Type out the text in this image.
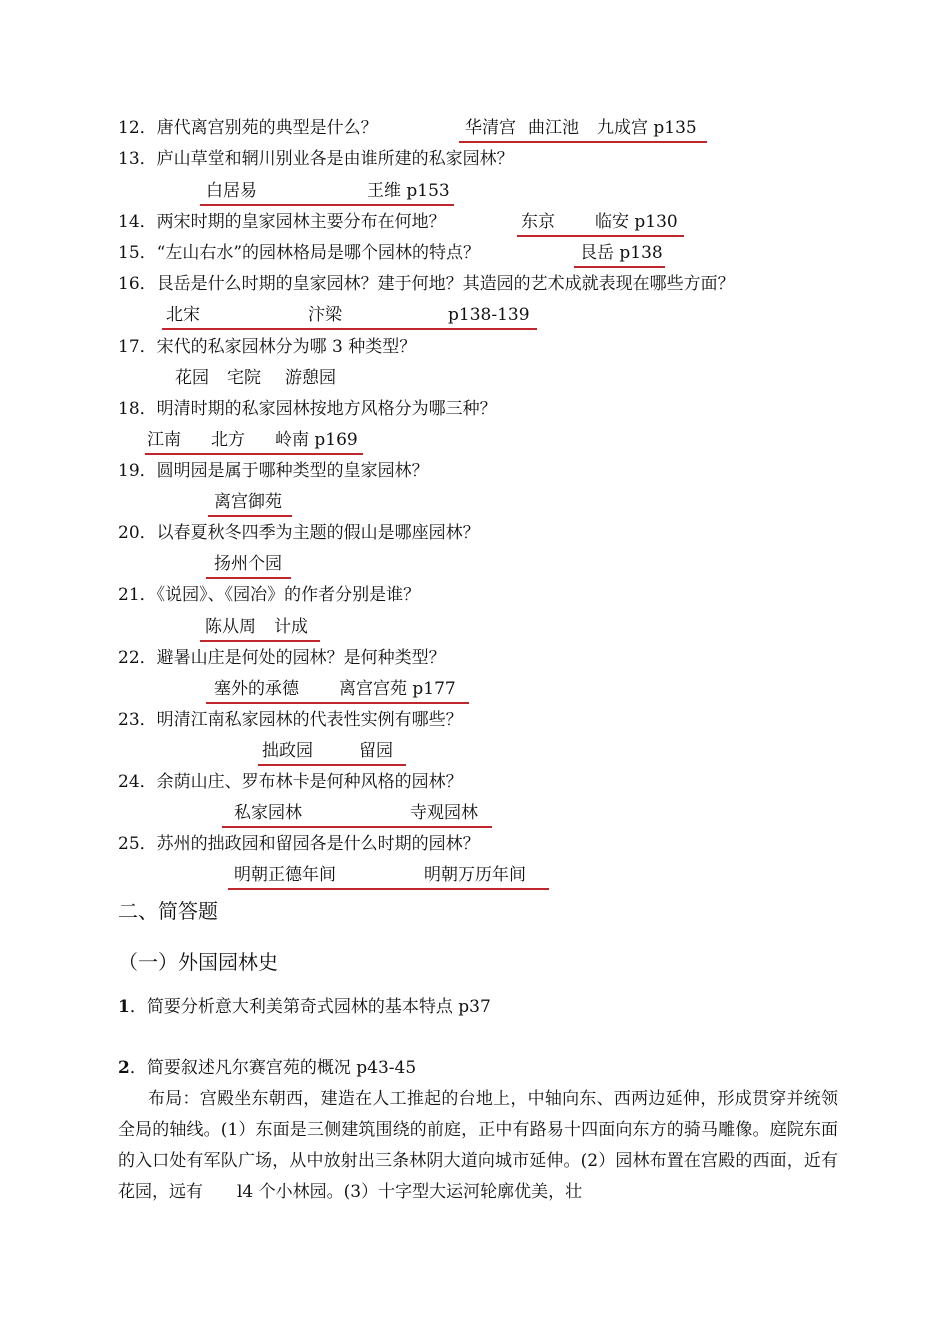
12．唐代离宫别苑的典型是什么？	华清宫 曲江池 九成宫 p135
13．庐山草堂和辋川别业各是由谁所建的私家园林？
白居易	王维 p153
14．两宋时期的皇家园林主要分布在何地？	东京 临安 p130
15．“左山右水”的园林格局是哪个园林的特点？	艮岳 p138
16．艮岳是什么时期的皇家园林？建于何地？其造园的艺术成就表现在哪些方面？
北宋	汴梁	p138-139
17．宋代的私家园林分为哪 3 种类型？
花园 宅院 游憩园
18．明清时期的私家园林按地方风格分为哪三种？
江南 北方 岭南 p169
19．圆明园是属于哪种类型的皇家园林？
离宫御苑
20．以春夏秋冬四季为主题的假山是哪座园林？
扬州个园
21．《说园》、《园冶》的作者分别是谁？
陈从周 计成
22．避暑山庄是何处的园林？是何种类型？
塞外的承德 离宫宫苑 p177
23．明清江南私家园林的代表性实例有哪些？
拙政园	留园
24．余荫山庄、罗布林卡是何种风格的园林？
私家园林	寺观园林
25．苏州的拙政园和留园各是什么时期的园林？
明朝正德年间	明朝万历年间
二、简答题
（一）外国园林史
1．简要分析意大利美第奇式园林的基本特点 p37
2．简要叙述凡尔赛宫苑的概况 p43-45
布局：宫殿坐东朝西，建造在人工推起的台地上，中轴向东、西两边延伸，形成贯穿并统领全局的轴线。(1）东面是三侧建筑围绕的前庭，正中有路易十四面向东方的骑马雕像。庭院东面的入口处有军队广场，从中放射出三条林阴大道向城市延伸。(2）园林布置在宫殿的西面，近有花园，远有　　l4 个小林园。(3）十字型大运河轮廓优美，壮
